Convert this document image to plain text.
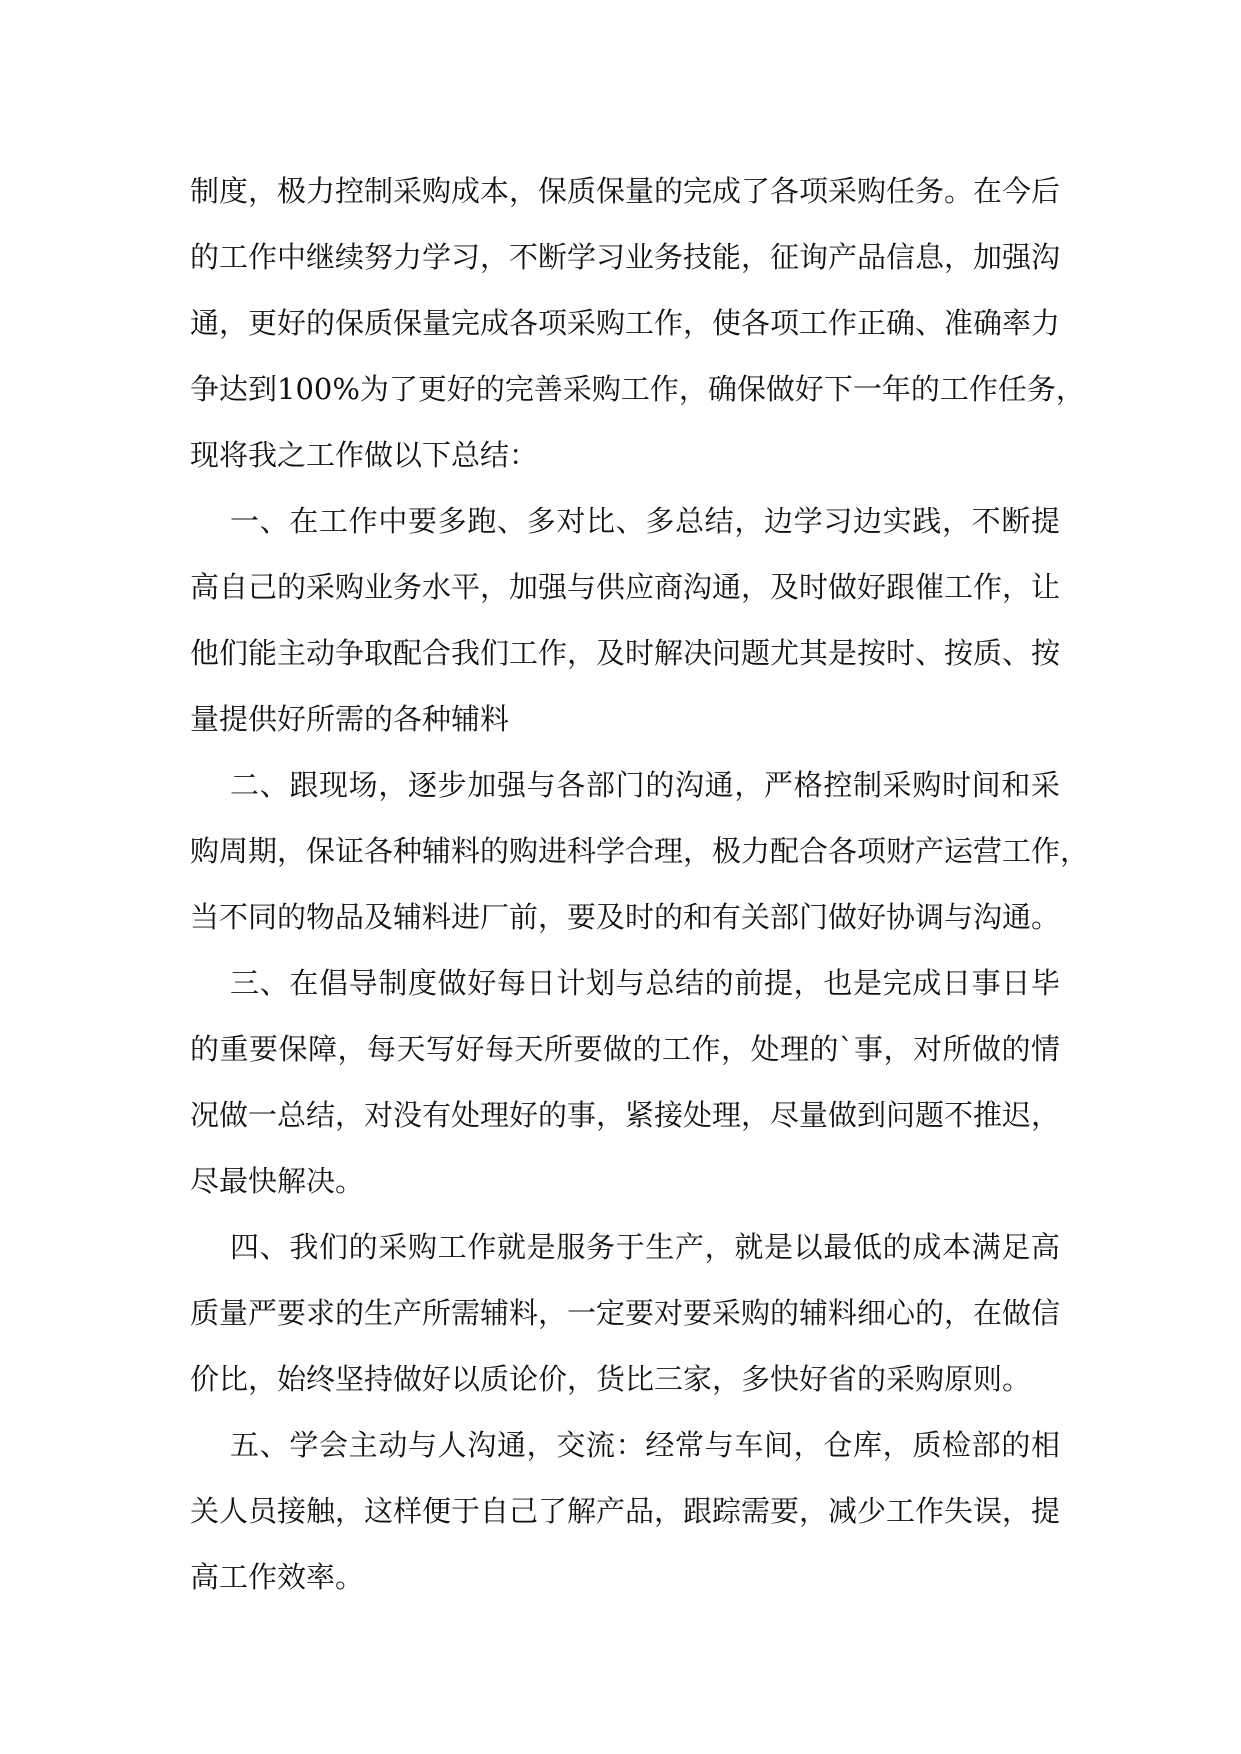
制度，极力控制采购成本，保质保量的完成了各项采购任务。在今后
的工作中继续努力学习，不断学习业务技能，征询产品信息，加强沟
通，更好的保质保量完成各项采购工作，使各项工作正确、准确率力
争达到100%为了更好的完善采购工作，确保做好下一年的工作任务，
现将我之工作做以下总结：
一、在工作中要多跑、多对比、多总结，边学习边实践，不断提
高自己的采购业务水平，加强与供应商沟通，及时做好跟催工作，让
他们能主动争取配合我们工作，及时解决问题尤其是按时、按质、按
量提供好所需的各种辅料
二、跟现场，逐步加强与各部门的沟通，严格控制采购时间和采
购周期，保证各种辅料的购进科学合理，极力配合各项财产运营工作，
当不同的物品及辅料进厂前，要及时的和有关部门做好协调与沟通。
三、在倡导制度做好每日计划与总结的前提，也是完成日事日毕
的重要保障，每天写好每天所要做的工作，处理的`事，对所做的情
况做一总结，对没有处理好的事，紧接处理，尽量做到问题不推迟，
尽最快解决。
四、我们的采购工作就是服务于生产，就是以最低的成本满足高
质量严要求的生产所需辅料，一定要对要采购的辅料细心的，在做信
价比，始终坚持做好以质论价，货比三家，多快好省的采购原则。
五、学会主动与人沟通，交流：经常与车间，仓库，质检部的相
关人员接触，这样便于自己了解产品，跟踪需要，减少工作失误，提
高工作效率。
